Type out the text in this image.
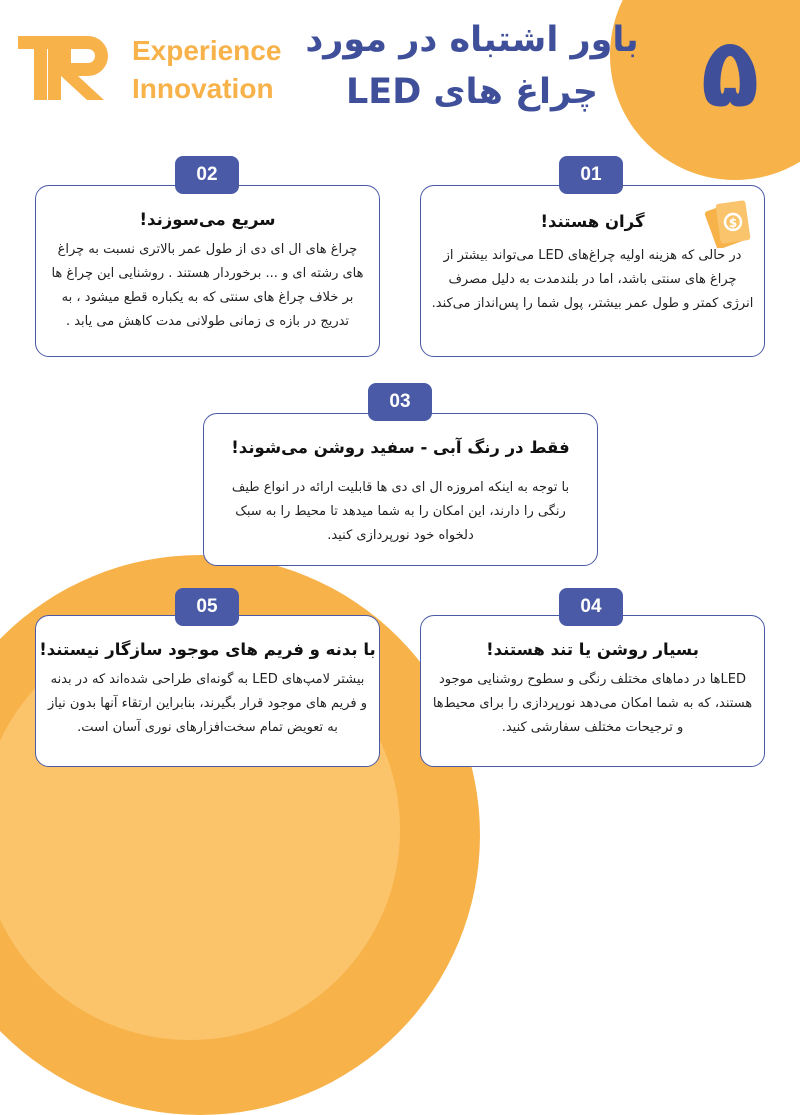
Experience
Innovation
باور اشتباه در مورد
چراغ های LED	۵
01
$

گران هستند!

در حالی که هزینه اولیه چراغ‌های LED می‌تواند بیشتر از چراغ های سنتی باشد، اما در بلندمدت به دلیل مصرف انرژی کمتر و طول عمر بیشتر، پول شما را پس‌انداز می‌کند.

02

سریع می‌سوزند!

چراغ های ال ای دی از طول عمر بالاتری نسبت به چراغ های رشته ای و ... برخوردار هستند . روشنایی این چراغ ها بر خلاف چراغ های سنتی که به یکباره قطع میشود ، به تدریج در بازه ی زمانی طولانی مدت کاهش می یابد .

03

فقط در رنگ آبی - سفید روشن می‌شوند!

با توجه به اینکه امروزه ال ای دی ها قابلیت ارائه در انواع طیف رنگی را دارند، این امکان را به شما میدهد تا محیط را به سبک دلخواه خود نورپردازی کنید.

04

بسیار روشن یا تند هستند!

LEDها در دماهای مختلف رنگی و سطوح روشنایی موجود هستند، که به شما امکان می‌دهد نورپردازی را برای محیط‌ها و ترجیحات مختلف سفارشی کنید.

05

با بدنه و فریم های موجود سازگار نیستند!

بیشتر لامپ‌های LED به گونه‌ای طراحی شده‌اند که در بدنه و فریم های موجود قرار بگیرند، بنابراین ارتقاء آنها بدون نیاز به تعویض تمام سخت‌افزارهای نوری آسان است.
